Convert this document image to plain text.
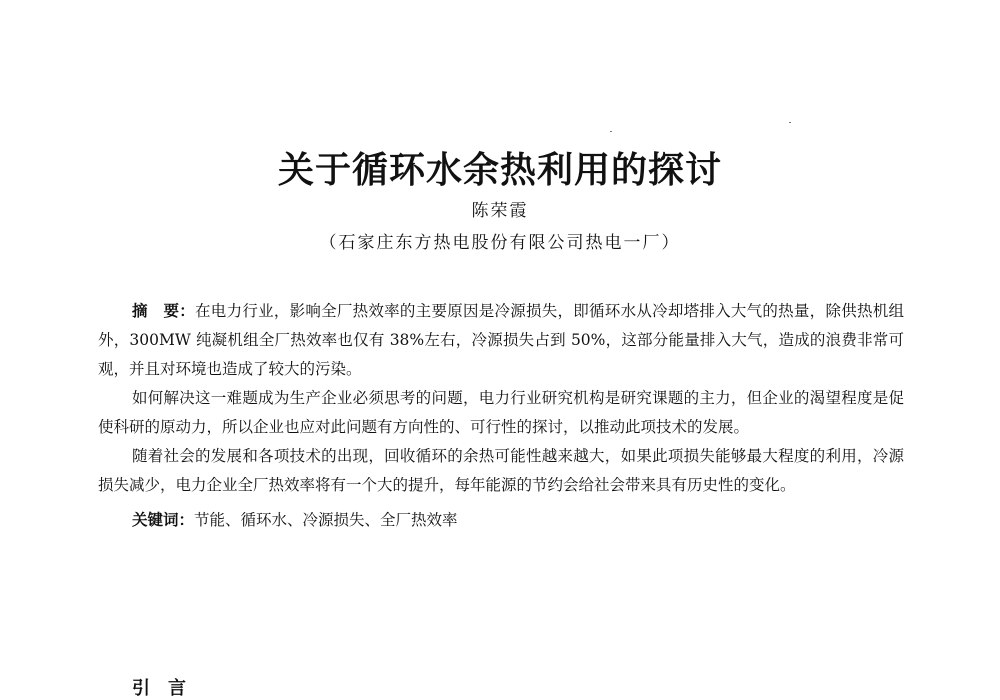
关于循环水余热利用的探讨
陈荣霞
（石家庄东方热电股份有限公司热电一厂）

摘　要：在电力行业，影响全厂热效率的主要原因是冷源损失，即循环水从冷却塔排入大气的热量，除供热机组外，300MW 纯凝机组全厂热效率也仅有 38%左右，冷源损失占到 50%，这部分能量排入大气，造成的浪费非常可观，并且对环境也造成了较大的污染。

如何解决这一难题成为生产企业必须思考的问题，电力行业研究机构是研究课题的主力，但企业的渴望程度是促使科研的原动力，所以企业也应对此问题有方向性的、可行性的探讨，以推动此项技术的发展。

随着社会的发展和各项技术的出现，回收循环的余热可能性越来越大，如果此项损失能够最大程度的利用，冷源损失减少，电力企业全厂热效率将有一个大的提升，每年能源的节约会给社会带来具有历史性的变化。

关键词：节能、循环水、冷源损失、全厂热效率

引　言
